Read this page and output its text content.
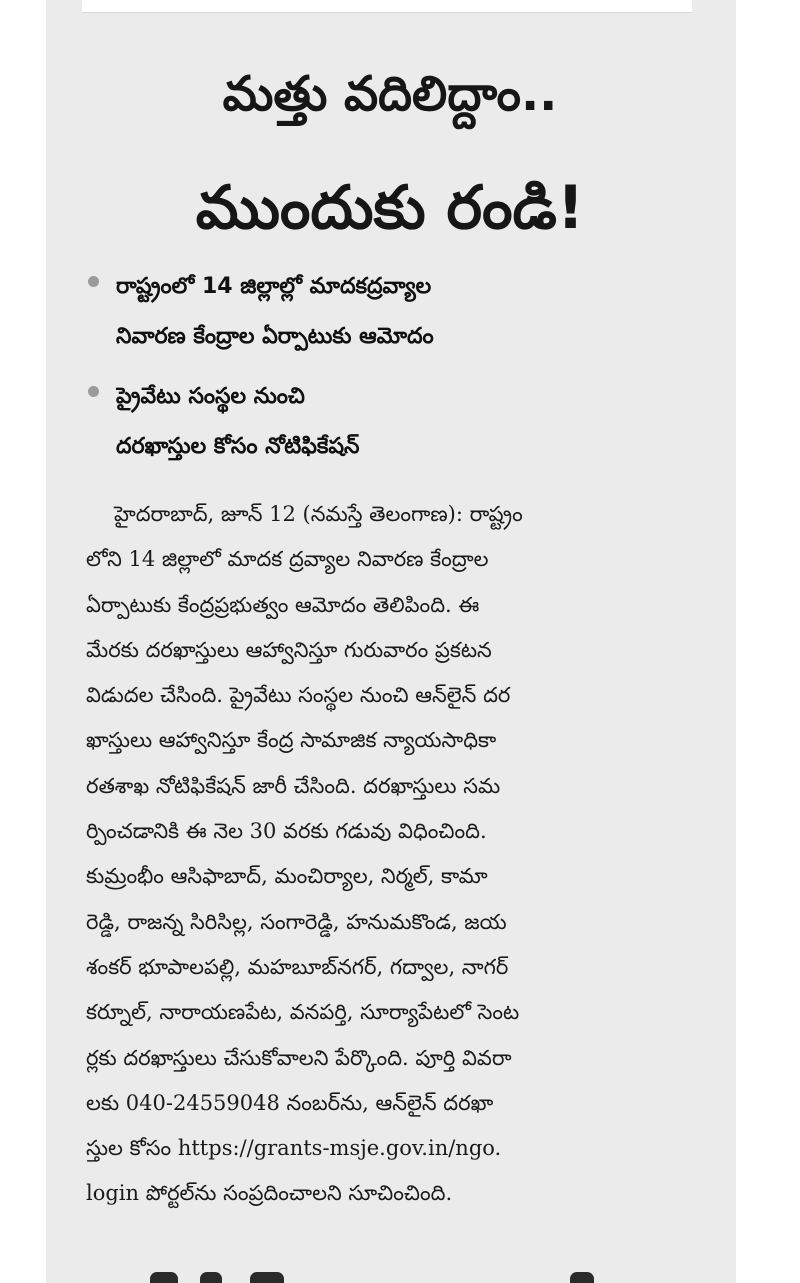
మత్తు వదిలిద్దాం..
ముందుకు రండి!
రాష్ట్రంలో 14 జిల్లాల్లో మాదకద్రవ్యాల
నివారణ కేంద్రాల ఏర్పాటుకు ఆమోదం
ప్రైవేటు సంస్థల నుంచి
దరఖాస్తుల కోసం నోటిఫికేషన్
హైదరాబాద్, జూన్ 12 (నమస్తే తెలంగాణ): రాష్ట్రం
లోని 14 జిల్లాలో మాదక ద్రవ్యాల నివారణ కేంద్రాల
ఏర్పాటుకు కేంద్రప్రభుత్వం ఆమోదం తెలిపింది. ఈ
మేరకు దరఖాస్తులు ఆహ్వానిస్తూ గురువారం ప్రకటన
విడుదల చేసింది. ప్రైవేటు సంస్థల నుంచి ఆన్‌లైన్ దర
ఖాస్తులు ఆహ్వానిస్తూ కేంద్ర సామాజిక న్యాయసాధికా
రతశాఖ నోటిఫికేషన్ జారీ చేసింది. దరఖాస్తులు సమ
ర్పించడానికి ఈ నెల 30 వరకు గడువు విధించింది.
కుమ్రంభీం ఆసిఫాబాద్, మంచిర్యాల, నిర్మల్, కామా
రెడ్డి, రాజన్న సిరిసిల్ల, సంగారెడ్డి, హనుమకొండ, జయ
శంకర్ భూపాలపల్లి, మహబూబ్‌నగర్, గద్వాల, నాగర్
కర్నూల్, నారాయణపేట, వనపర్తి, సూర్యాపేటలో సెంట
ర్లకు దరఖాస్తులు చేసుకోవాలని పేర్కొంది. పూర్తి వివరా
లకు 040-24559048 నంబర్‌ను, ఆన్‌లైన్ దరఖా
స్తుల కోసం https://grants-msje.gov.in/ngo.
login పోర్టల్‌ను సంప్రదించాలని సూచించింది.
